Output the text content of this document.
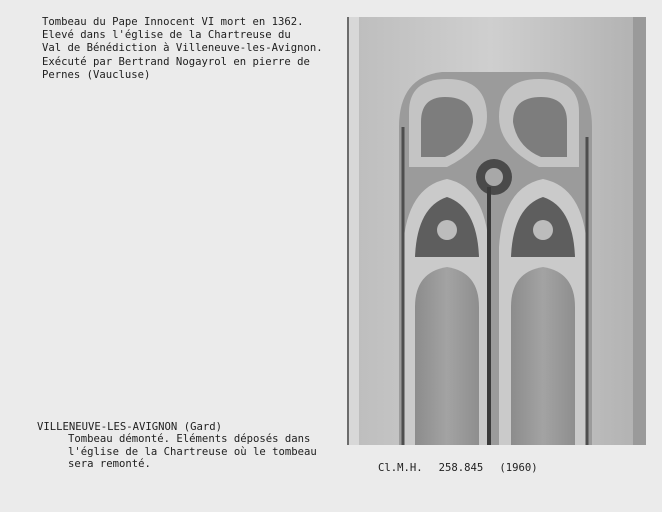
Tombeau du Pape Innocent VI mort en 1362.
Elevé dans l'église de la Chartreuse du
Val de Bénédiction à Villeneuve-les-Avignon.
Exécuté par Bertrand Nogayrol en pierre de
Pernes (Vaucluse)
VILLENEUVE-LES-AVIGNON (Gard)
Tombeau démonté. Eléments déposés dans
l'église de la Chartreuse où le tombeau
sera remonté.	Cl.M.H. 258.845 (1960)
